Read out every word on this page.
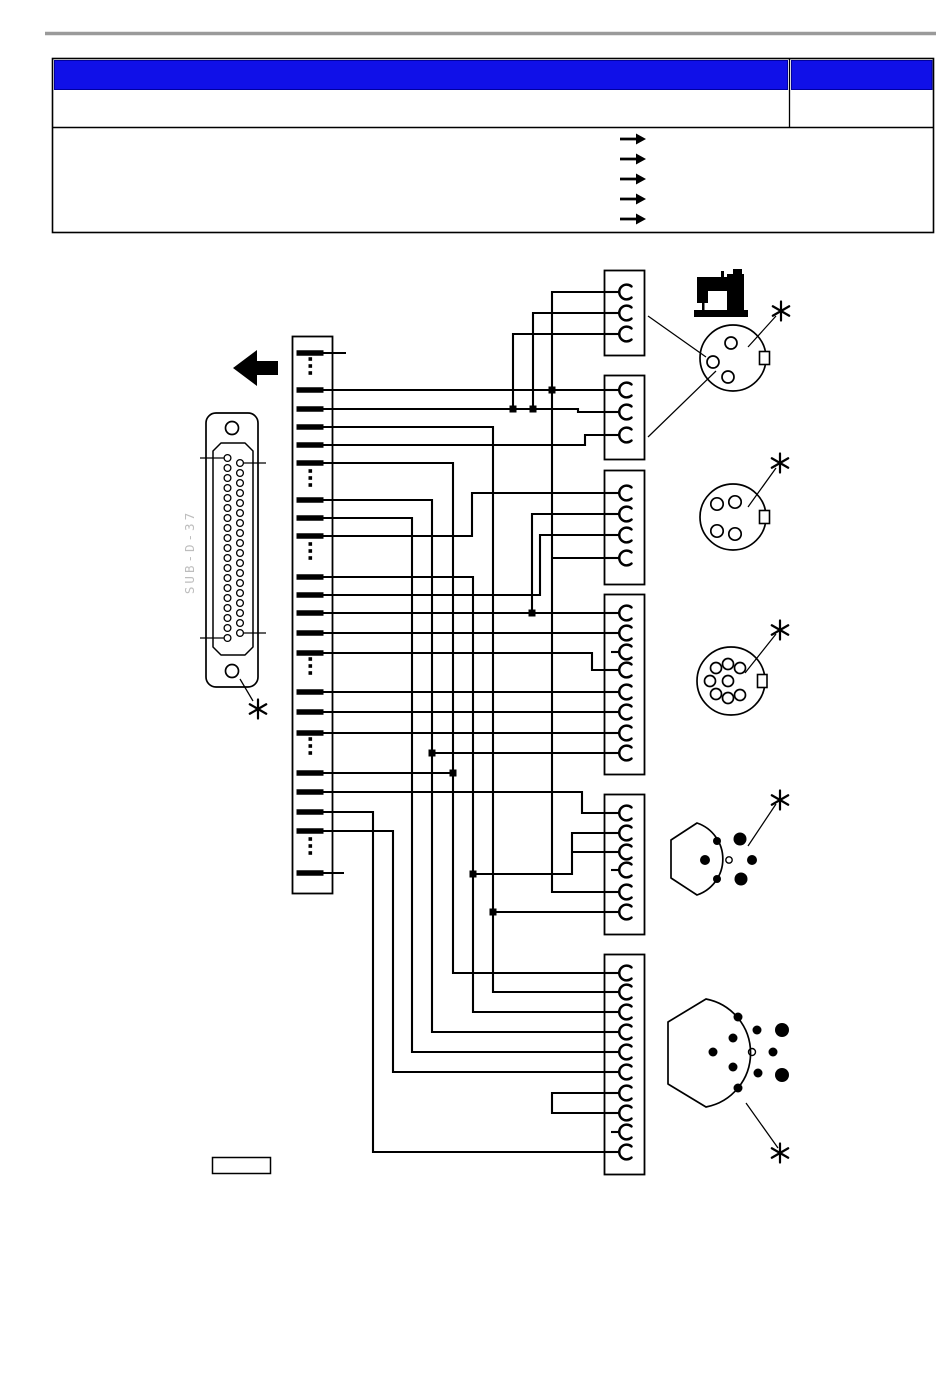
SUB-D-37
